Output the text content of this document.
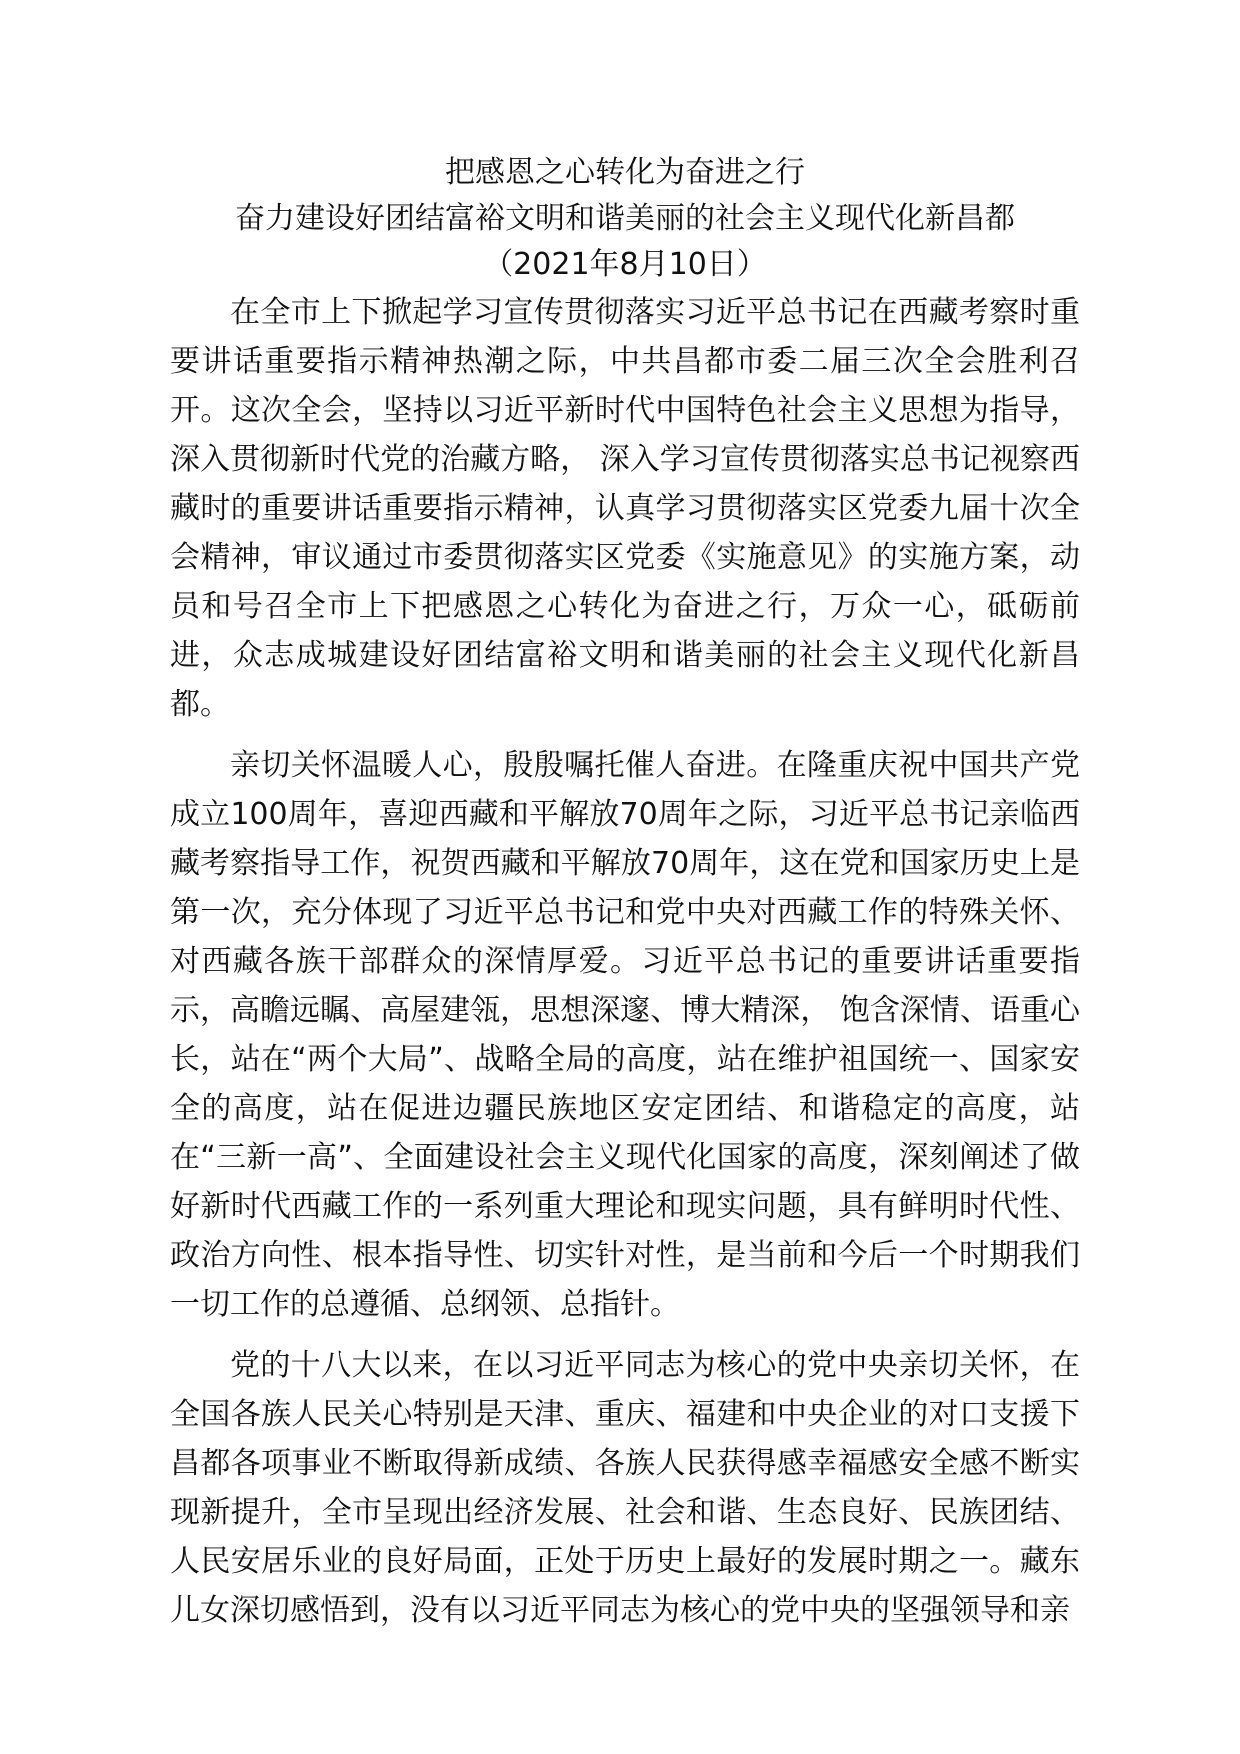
把感恩之心转化为奋进之行
奋力建设好团结富裕文明和谐美丽的社会主义现代化新昌都
（2021年8月10日）

在全市上下掀起学习宣传贯彻落实习近平总书记在西藏考察时重要讲话重要指示精神热潮之际，中共昌都市委二届三次全会胜利召开。这次全会，坚持以习近平新时代中国特色社会主义思想为指导，深入贯彻新时代党的治藏方略， 深入学习宣传贯彻落实总书记视察西藏时的重要讲话重要指示精神，认真学习贯彻落实区党委九届十次全会精神，审议通过市委贯彻落实区党委《实施意见》的实施方案，动员和号召全市上下把感恩之心转化为奋进之行，万众一心，砥砺前进，众志成城建设好团结富裕文明和谐美丽的社会主义现代化新昌都。

亲切关怀温暖人心，殷殷嘱托催人奋进。在隆重庆祝中国共产党成立100周年，喜迎西藏和平解放70周年之际，习近平总书记亲临西藏考察指导工作，祝贺西藏和平解放70周年，这在党和国家历史上是第一次，充分体现了习近平总书记和党中央对西藏工作的特殊关怀、对西藏各族干部群众的深情厚爱。习近平总书记的重要讲话重要指示，高瞻远瞩、高屋建瓴，思想深邃、博大精深， 饱含深情、语重心长，站在“两个大局”、战略全局的高度，站在维护祖国统一、国家安全的高度，站在促进边疆民族地区安定团结、和谐稳定的高度，站在“三新一高”、全面建设社会主义现代化国家的高度，深刻阐述了做好新时代西藏工作的一系列重大理论和现实问题，具有鲜明时代性、政治方向性、根本指导性、切实针对性，是当前和今后一个时期我们一切工作的总遵循、总纲领、总指针。

党的十八大以来，在以习近平同志为核心的党中央亲切关怀，在全国各族人民关心特别是天津、重庆、福建和中央企业的对口支援下昌都各项事业不断取得新成绩、各族人民获得感幸福感安全感不断实现新提升，全市呈现出经济发展、社会和谐、生态良好、民族团结、人民安居乐业的良好局面，正处于历史上最好的发展时期之一。藏东儿女深切感悟到，没有以习近平同志为核心的党中央的坚强领导和亲
